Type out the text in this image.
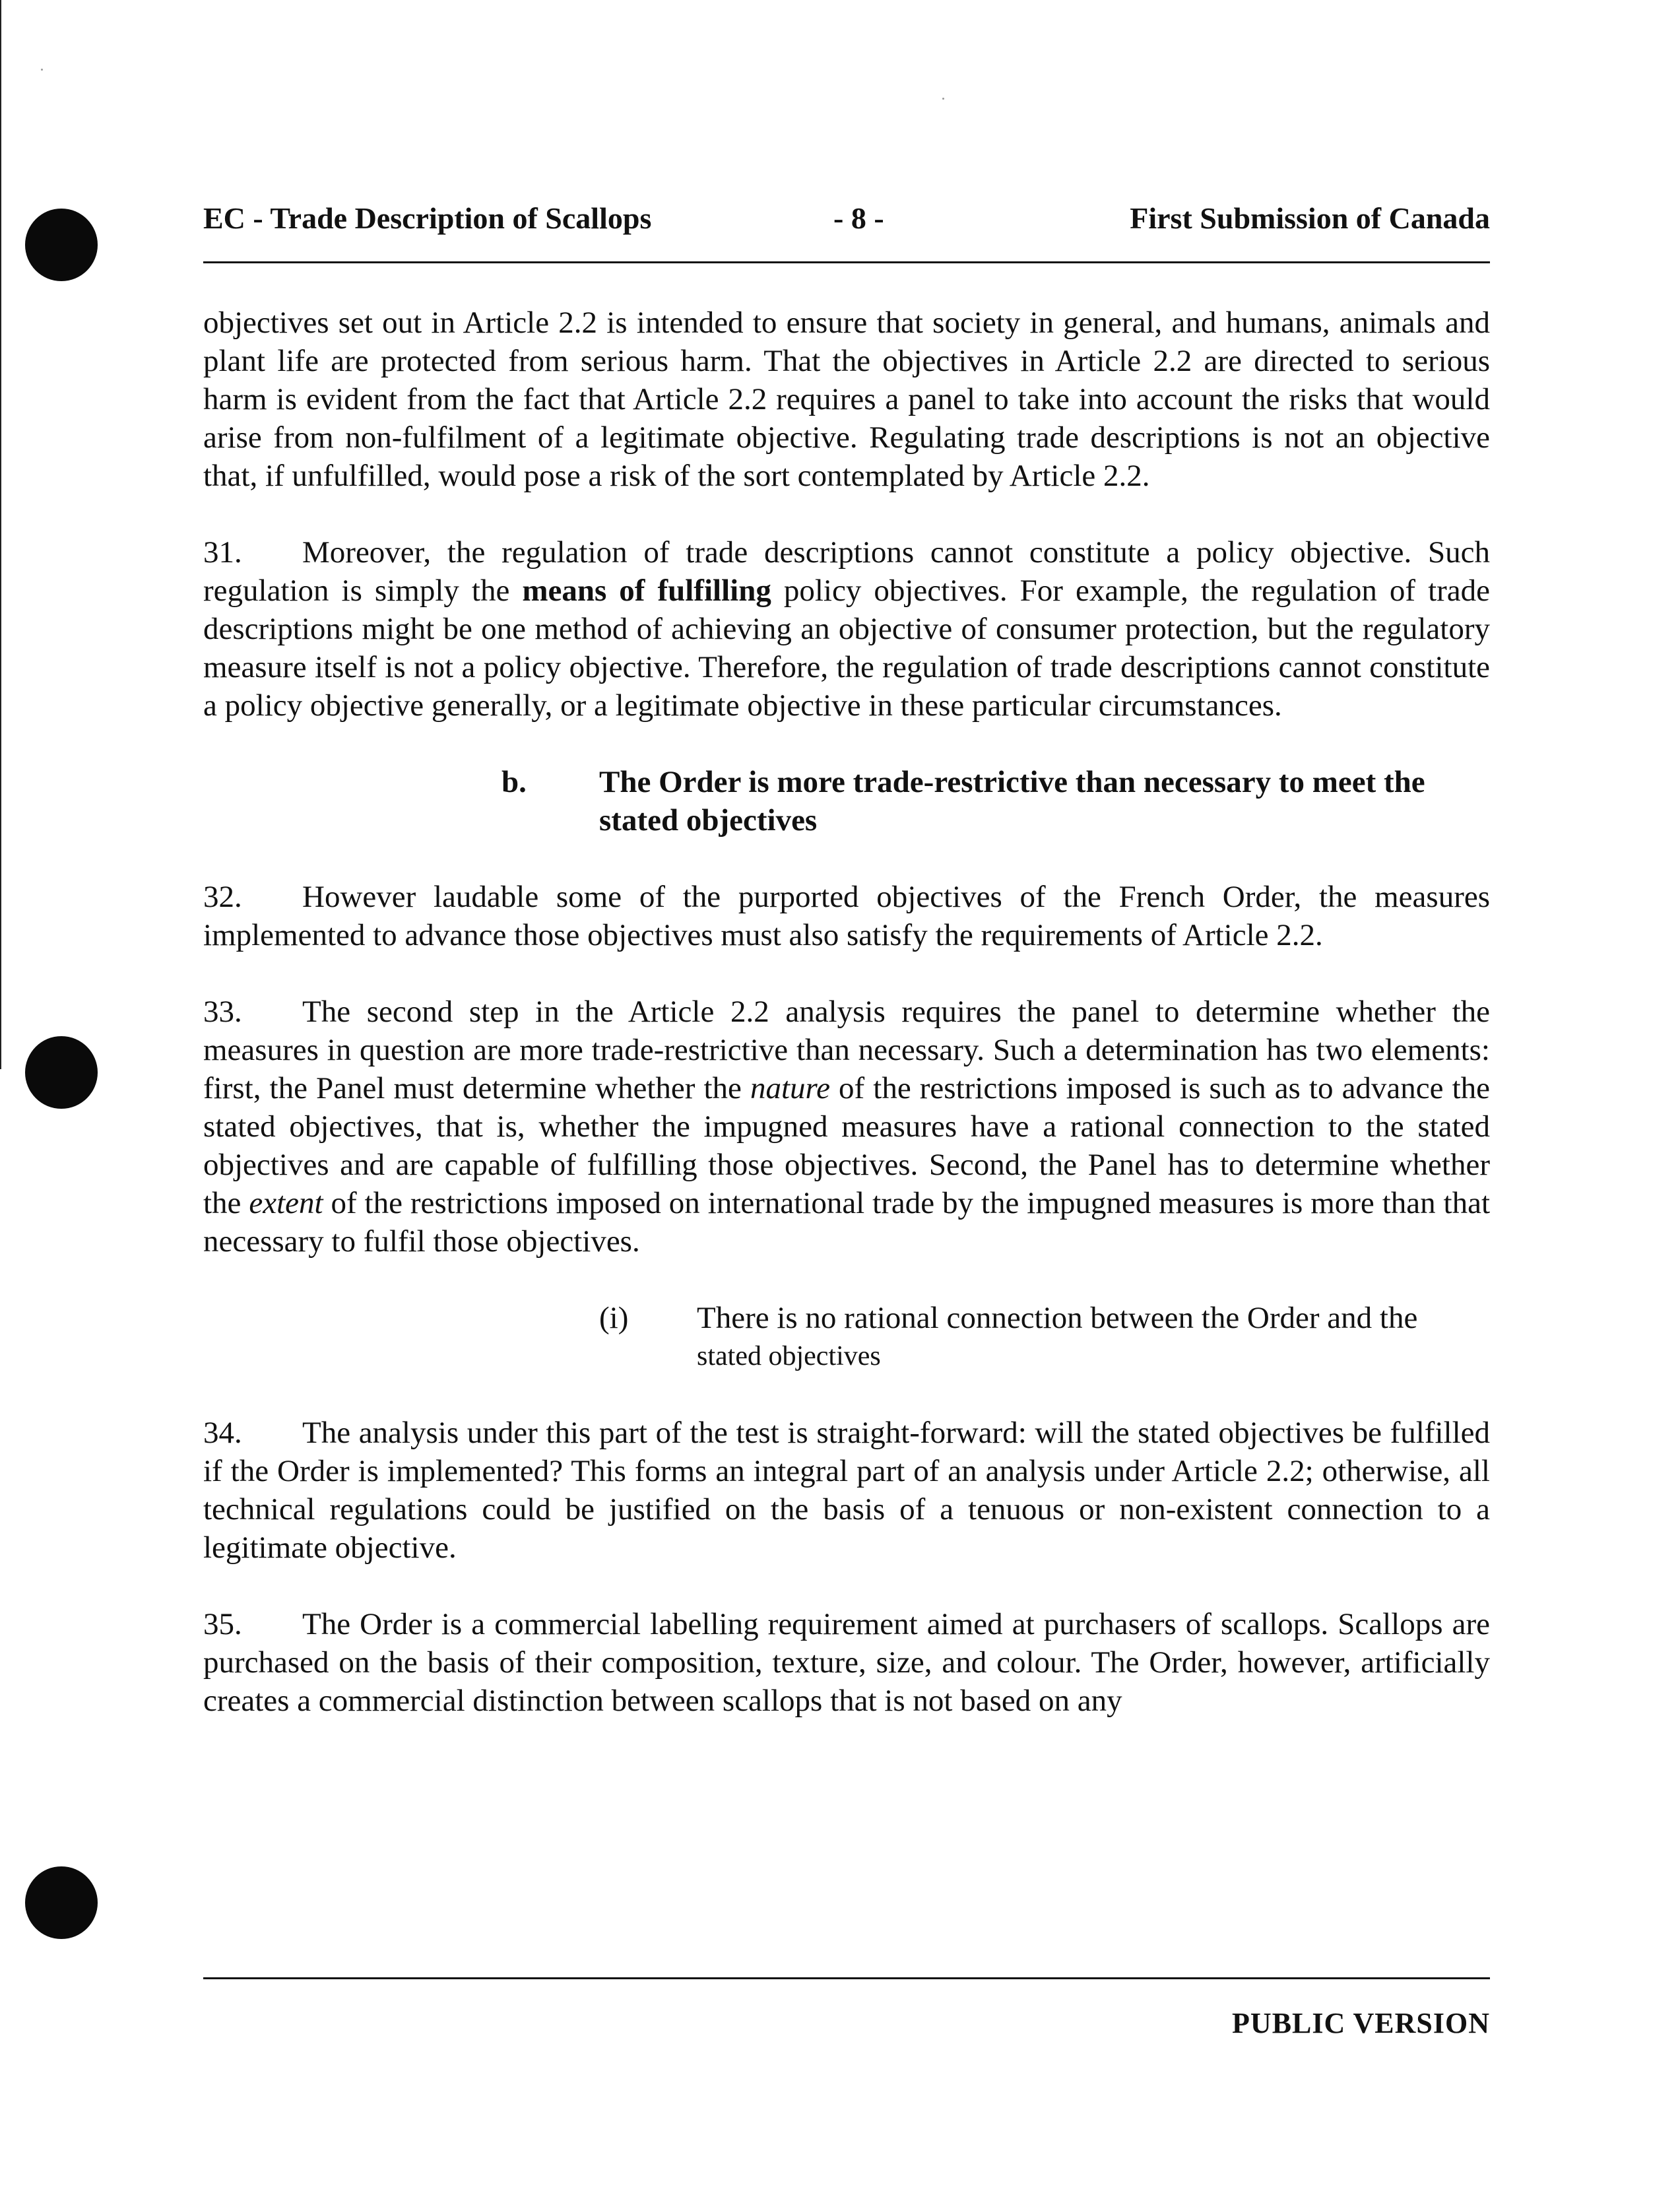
EC - Trade Description of Scallops	- 8 -	First Submission of Canada

objectives set out in Article 2.2 is intended to ensure that society in general, and humans, animals and plant life are protected from serious harm. That the objectives in Article 2.2 are directed to serious harm is evident from the fact that Article 2.2 requires a panel to take into account the risks that would arise from non-fulfilment of a legitimate objective. Regulating trade descriptions is not an objective that, if unfulfilled, would pose a risk of the sort contemplated by Article 2.2.

31. Moreover, the regulation of trade descriptions cannot constitute a policy objective. Such regulation is simply the means of fulfilling policy objectives. For example, the regulation of trade descriptions might be one method of achieving an objective of consumer protection, but the regulatory measure itself is not a policy objective. Therefore, the regulation of trade descriptions cannot constitute a policy objective generally, or a legitimate objective in these particular circumstances.

b. The Order is more trade-restrictive than necessary to meet the stated objectives

32. However laudable some of the purported objectives of the French Order, the measures implemented to advance those objectives must also satisfy the requirements of Article 2.2.

33. The second step in the Article 2.2 analysis requires the panel to determine whether the measures in question are more trade-restrictive than necessary. Such a determination has two elements: first, the Panel must determine whether the nature of the restrictions imposed is such as to advance the stated objectives, that is, whether the impugned measures have a rational connection to the stated objectives and are capable of fulfilling those objectives. Second, the Panel has to determine whether the extent of the restrictions imposed on international trade by the impugned measures is more than that necessary to fulfil those objectives.

(i) There is no rational connection between the Order and the
stated objectives

34. The analysis under this part of the test is straight-forward: will the stated objectives be fulfilled if the Order is implemented? This forms an integral part of an analysis under Article 2.2; otherwise, all technical regulations could be justified on the basis of a tenuous or non-existent connection to a legitimate objective.

35. The Order is a commercial labelling requirement aimed at purchasers of scallops. Scallops are purchased on the basis of their composition, texture, size, and colour. The Order, however, artificially creates a commercial distinction between scallops that is not based on any

PUBLIC VERSION
